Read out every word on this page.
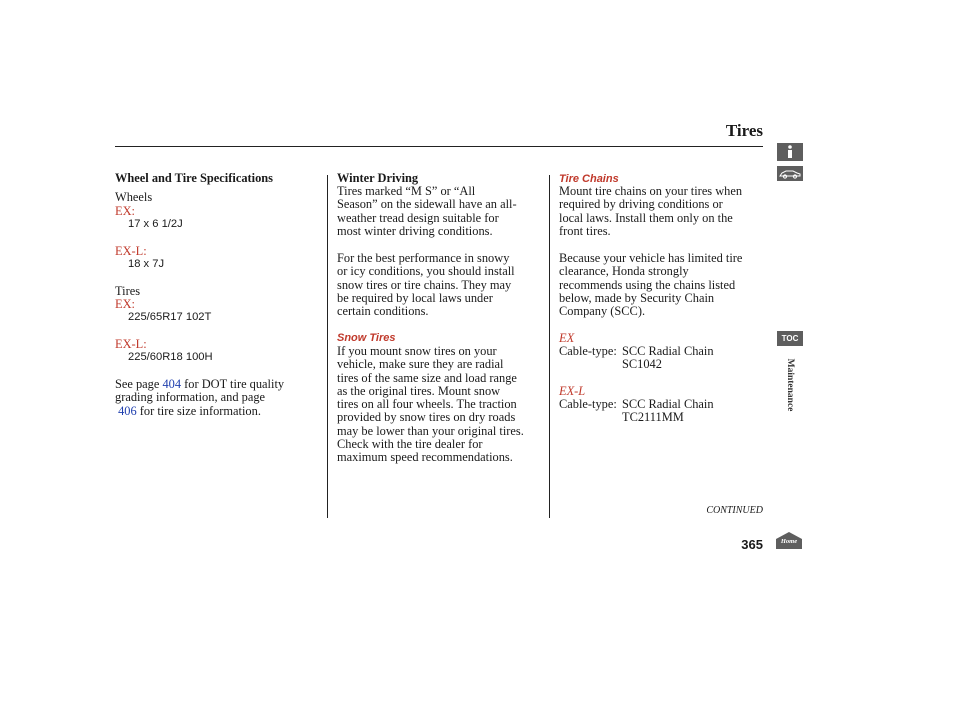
Tires
Wheel and Tire Specifications
Wheels
EX:
17 x 6 1/2J
EX-L:
18 x 7J
Tires
EX:
225/65R17 102T
EX-L:
225/60R18 100H

See page 404 for DOT tire quality

grading information, and page

406 for tire size information.

Winter Driving

Tires marked “M S” or “All

Season” on the sidewall have an all-

weather tread design suitable for

most winter driving conditions.

For the best performance in snowy

or icy conditions, you should install

snow tires or tire chains. They may

be required by local laws under

certain conditions.

Snow Tires

If you mount snow tires on your

vehicle, make sure they are radial

tires of the same size and load range

as the original tires. Mount snow

tires on all four wheels. The traction

provided by snow tires on dry roads

may be lower than your original tires.

Check with the tire dealer for

maximum speed recommendations.

Tire Chains

Mount tire chains on your tires when

required by driving conditions or

local laws. Install them only on the

front tires.

Because your vehicle has limited tire

clearance, Honda strongly

recommends using the chains listed

below, made by Security Chain

Company (SCC).

EX
Cable-type: SCC Radial Chain
SC1042
EX-L
Cable-type: SCC Radial Chain
TC2111MM
CONTINUED
365
TOC
Maintenance
Home
